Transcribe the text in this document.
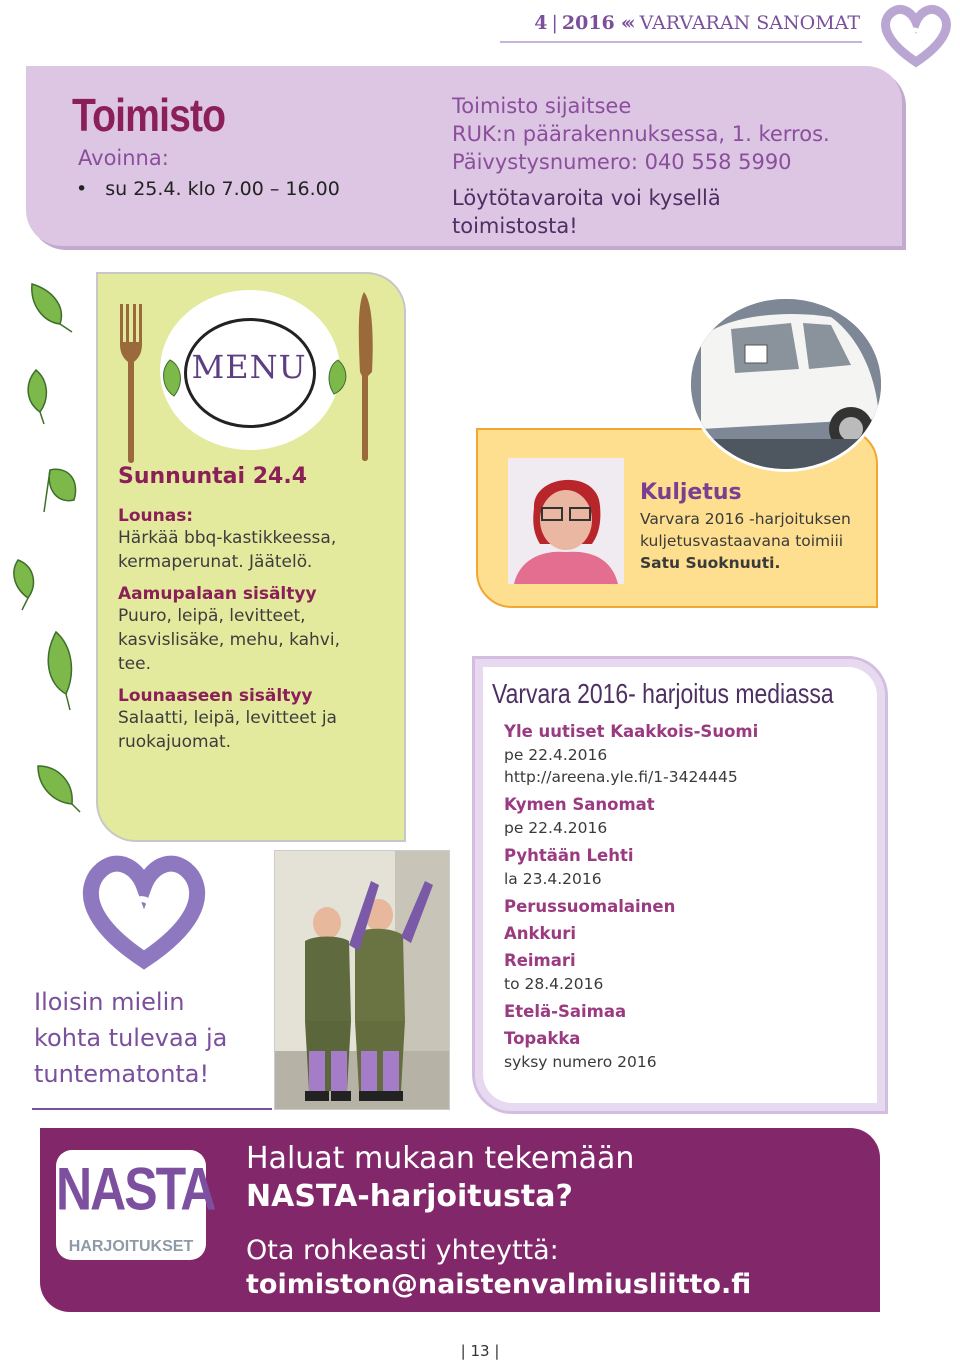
4 | 2016 ‹‹‹ VARVARAN SANOMAT
Toimisto
Avoinna:
• su 25.4. klo 7.00 – 16.00
Toimisto sijaitsee
RUK:n päärakennuksessa, 1. kerros.
Päivystysnumero: 040 558 5990
Löytötavaroita voi kysellä
toimistosta!
MENU
Sunnuntai 24.4
Lounas:
Härkää bbq-kastikkeessa,
kermaperunat. Jäätelö.
Aamupalaan sisältyy
Puuro, leipä, levitteet,
kasvislisäke, mehu, kahvi,
tee.
Lounaaseen sisältyy
Salaatti, leipä, levitteet ja
ruokajuomat.
Iloisin mielin
kohta tulevaa ja
tuntematonta!
Kuljetus
Varvara 2016 -harjoituksen
kuljetusvastaavana toimiii
Satu Suoknuuti.
Varvara 2016- harjoitus mediassa
Yle uutiset Kaakkois-Suomi
pe 22.4.2016
http://areena.yle.fi/1-3424445
Kymen Sanomat
pe 22.4.2016
Pyhtään Lehti
la 23.4.2016
Perussuomalainen
Ankkuri
Reimari
to 28.4.2016
Etelä-Saimaa
Topakka
syksy numero 2016
NASTA
HARJOITUKSET
Haluat mukaan tekemään
NASTA-harjoitusta?
Ota rohkeasti yhteyttä:
toimiston@naistenvalmiusliitto.fi
| 13 |
